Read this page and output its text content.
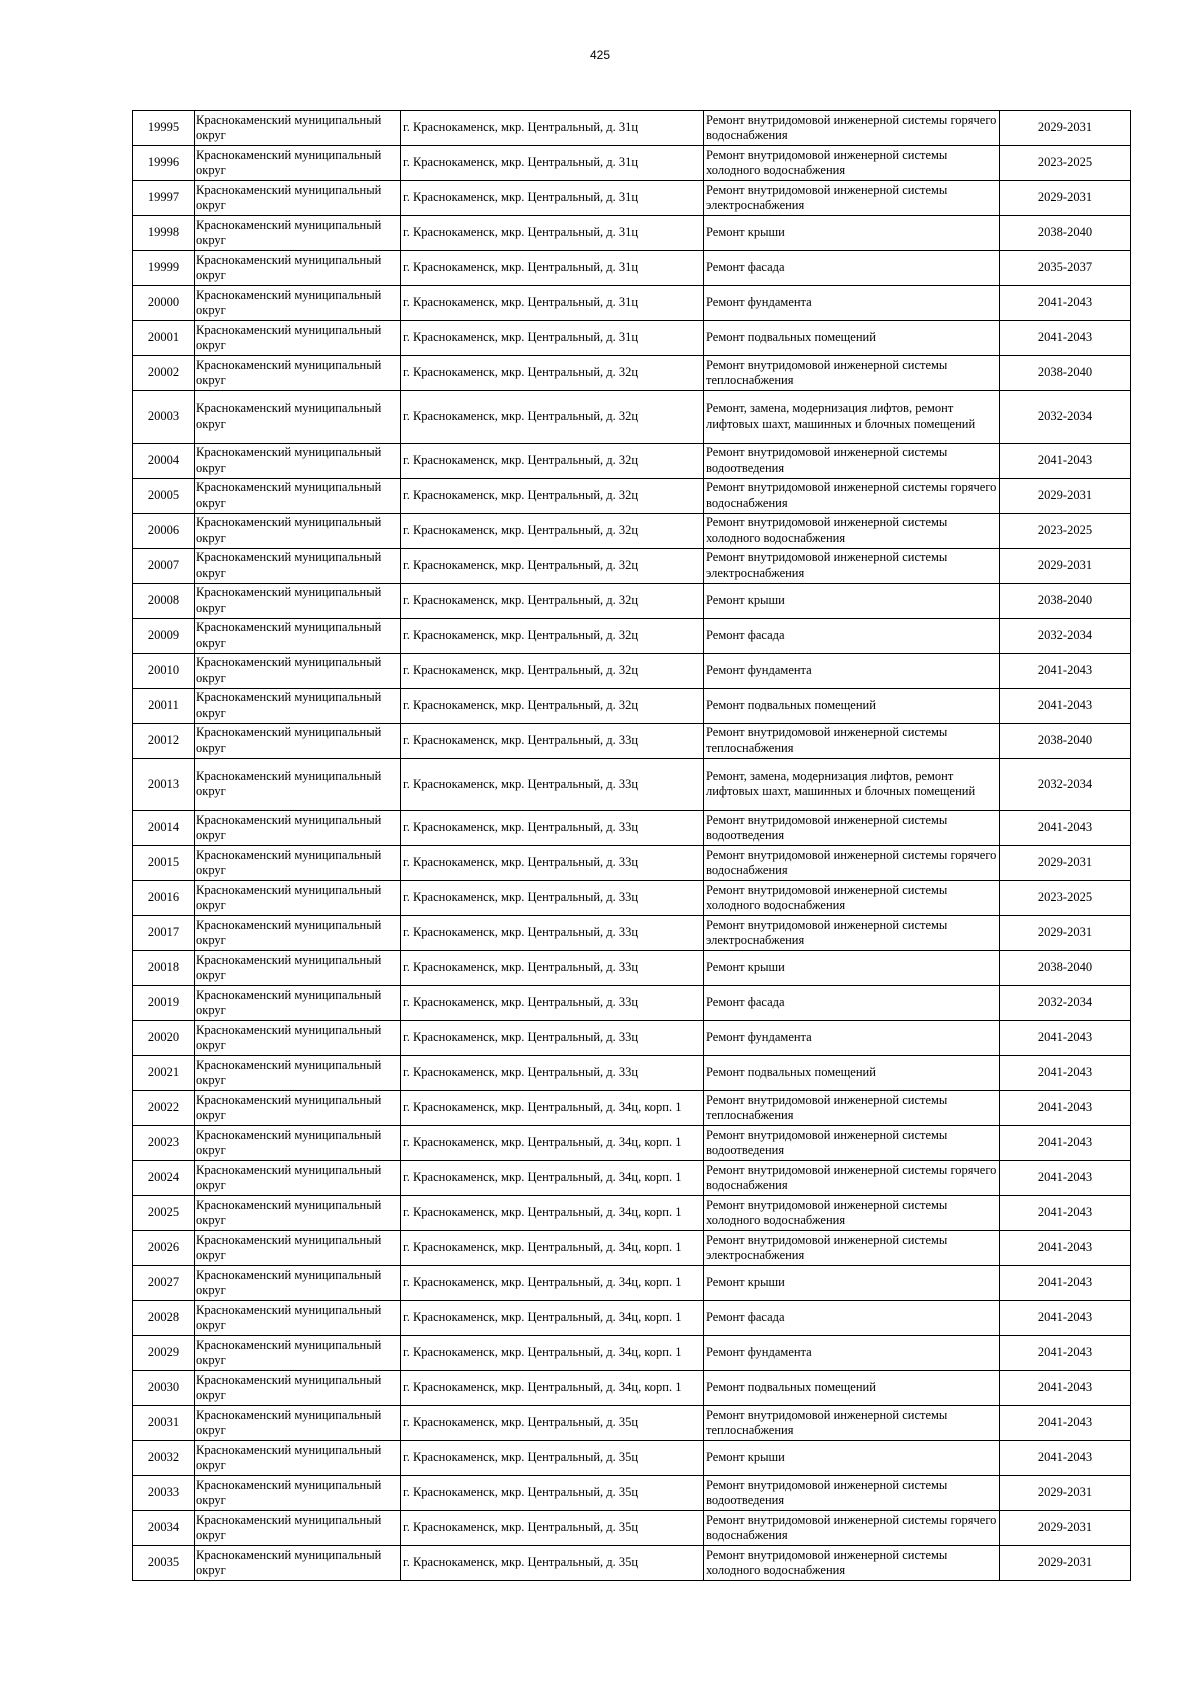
425
19995	Краснокаменский муниципальный округ	г. Краснокаменск, мкр. Центральный, д. 31ц	Ремонт внутридомовой инженерной системы горячего водоснабжения	2029-2031
19996	Краснокаменский муниципальный округ	г. Краснокаменск, мкр. Центральный, д. 31ц	Ремонт внутридомовой инженерной системы холодного водоснабжения	2023-2025
19997	Краснокаменский муниципальный округ	г. Краснокаменск, мкр. Центральный, д. 31ц	Ремонт внутридомовой инженерной системы электроснабжения	2029-2031
19998	Краснокаменский муниципальный округ	г. Краснокаменск, мкр. Центральный, д. 31ц	Ремонт крыши	2038-2040
19999	Краснокаменский муниципальный округ	г. Краснокаменск, мкр. Центральный, д. 31ц	Ремонт фасада	2035-2037
20000	Краснокаменский муниципальный округ	г. Краснокаменск, мкр. Центральный, д. 31ц	Ремонт фундамента	2041-2043
20001	Краснокаменский муниципальный округ	г. Краснокаменск, мкр. Центральный, д. 31ц	Ремонт подвальных помещений	2041-2043
20002	Краснокаменский муниципальный округ	г. Краснокаменск, мкр. Центральный, д. 32ц	Ремонт внутридомовой инженерной системы теплоснабжения	2038-2040
20003	Краснокаменский муниципальный округ	г. Краснокаменск, мкр. Центральный, д. 32ц	Ремонт, замена, модернизация лифтов, ремонт лифтовых шахт, машинных и блочных помещений	2032-2034
20004	Краснокаменский муниципальный округ	г. Краснокаменск, мкр. Центральный, д. 32ц	Ремонт внутридомовой инженерной системы водоотведения	2041-2043
20005	Краснокаменский муниципальный округ	г. Краснокаменск, мкр. Центральный, д. 32ц	Ремонт внутридомовой инженерной системы горячего водоснабжения	2029-2031
20006	Краснокаменский муниципальный округ	г. Краснокаменск, мкр. Центральный, д. 32ц	Ремонт внутридомовой инженерной системы холодного водоснабжения	2023-2025
20007	Краснокаменский муниципальный округ	г. Краснокаменск, мкр. Центральный, д. 32ц	Ремонт внутридомовой инженерной системы электроснабжения	2029-2031
20008	Краснокаменский муниципальный округ	г. Краснокаменск, мкр. Центральный, д. 32ц	Ремонт крыши	2038-2040
20009	Краснокаменский муниципальный округ	г. Краснокаменск, мкр. Центральный, д. 32ц	Ремонт фасада	2032-2034
20010	Краснокаменский муниципальный округ	г. Краснокаменск, мкр. Центральный, д. 32ц	Ремонт фундамента	2041-2043
20011	Краснокаменский муниципальный округ	г. Краснокаменск, мкр. Центральный, д. 32ц	Ремонт подвальных помещений	2041-2043
20012	Краснокаменский муниципальный округ	г. Краснокаменск, мкр. Центральный, д. 33ц	Ремонт внутридомовой инженерной системы теплоснабжения	2038-2040
20013	Краснокаменский муниципальный округ	г. Краснокаменск, мкр. Центральный, д. 33ц	Ремонт, замена, модернизация лифтов, ремонт лифтовых шахт, машинных и блочных помещений	2032-2034
20014	Краснокаменский муниципальный округ	г. Краснокаменск, мкр. Центральный, д. 33ц	Ремонт внутридомовой инженерной системы водоотведения	2041-2043
20015	Краснокаменский муниципальный округ	г. Краснокаменск, мкр. Центральный, д. 33ц	Ремонт внутридомовой инженерной системы горячего водоснабжения	2029-2031
20016	Краснокаменский муниципальный округ	г. Краснокаменск, мкр. Центральный, д. 33ц	Ремонт внутридомовой инженерной системы холодного водоснабжения	2023-2025
20017	Краснокаменский муниципальный округ	г. Краснокаменск, мкр. Центральный, д. 33ц	Ремонт внутридомовой инженерной системы электроснабжения	2029-2031
20018	Краснокаменский муниципальный округ	г. Краснокаменск, мкр. Центральный, д. 33ц	Ремонт крыши	2038-2040
20019	Краснокаменский муниципальный округ	г. Краснокаменск, мкр. Центральный, д. 33ц	Ремонт фасада	2032-2034
20020	Краснокаменский муниципальный округ	г. Краснокаменск, мкр. Центральный, д. 33ц	Ремонт фундамента	2041-2043
20021	Краснокаменский муниципальный округ	г. Краснокаменск, мкр. Центральный, д. 33ц	Ремонт подвальных помещений	2041-2043
20022	Краснокаменский муниципальный округ	г. Краснокаменск, мкр. Центральный, д. 34ц, корп. 1	Ремонт внутридомовой инженерной системы теплоснабжения	2041-2043
20023	Краснокаменский муниципальный округ	г. Краснокаменск, мкр. Центральный, д. 34ц, корп. 1	Ремонт внутридомовой инженерной системы водоотведения	2041-2043
20024	Краснокаменский муниципальный округ	г. Краснокаменск, мкр. Центральный, д. 34ц, корп. 1	Ремонт внутридомовой инженерной системы горячего водоснабжения	2041-2043
20025	Краснокаменский муниципальный округ	г. Краснокаменск, мкр. Центральный, д. 34ц, корп. 1	Ремонт внутридомовой инженерной системы холодного водоснабжения	2041-2043
20026	Краснокаменский муниципальный округ	г. Краснокаменск, мкр. Центральный, д. 34ц, корп. 1	Ремонт внутридомовой инженерной системы электроснабжения	2041-2043
20027	Краснокаменский муниципальный округ	г. Краснокаменск, мкр. Центральный, д. 34ц, корп. 1	Ремонт крыши	2041-2043
20028	Краснокаменский муниципальный округ	г. Краснокаменск, мкр. Центральный, д. 34ц, корп. 1	Ремонт фасада	2041-2043
20029	Краснокаменский муниципальный округ	г. Краснокаменск, мкр. Центральный, д. 34ц, корп. 1	Ремонт фундамента	2041-2043
20030	Краснокаменский муниципальный округ	г. Краснокаменск, мкр. Центральный, д. 34ц, корп. 1	Ремонт подвальных помещений	2041-2043
20031	Краснокаменский муниципальный округ	г. Краснокаменск, мкр. Центральный, д. 35ц	Ремонт внутридомовой инженерной системы теплоснабжения	2041-2043
20032	Краснокаменский муниципальный округ	г. Краснокаменск, мкр. Центральный, д. 35ц	Ремонт крыши	2041-2043
20033	Краснокаменский муниципальный округ	г. Краснокаменск, мкр. Центральный, д. 35ц	Ремонт внутридомовой инженерной системы водоотведения	2029-2031
20034	Краснокаменский муниципальный округ	г. Краснокаменск, мкр. Центральный, д. 35ц	Ремонт внутридомовой инженерной системы горячего водоснабжения	2029-2031
20035	Краснокаменский муниципальный округ	г. Краснокаменск, мкр. Центральный, д. 35ц	Ремонт внутридомовой инженерной системы холодного водоснабжения	2029-2031
